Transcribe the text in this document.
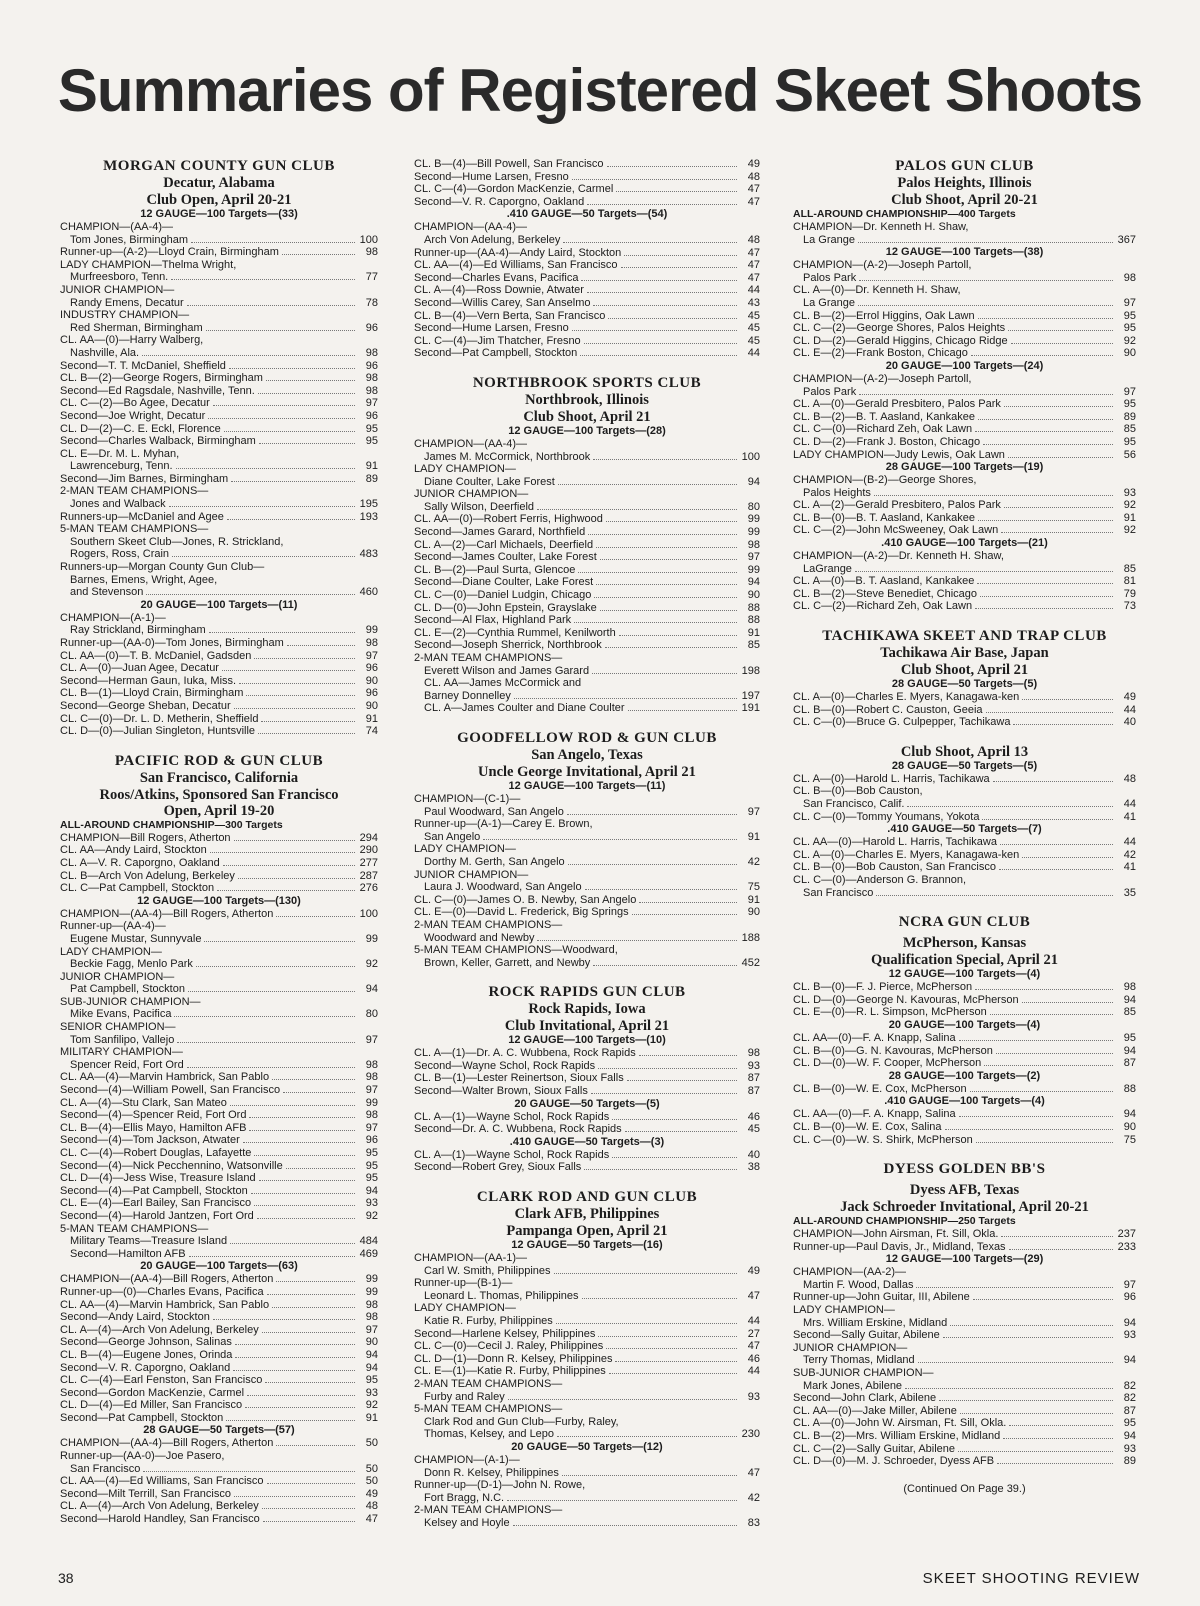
Summaries of Registered Skeet Shoots
MORGAN COUNTY GUN CLUB
Decatur, Alabama
Club Open, April 20-21
12 GAUGE—100 Targets—(33)
CHAMPION—(AA-4)—
Tom Jones, Birmingham	100
Runner-up—(A-2)—Lloyd Crain, Birmingham	98
LADY CHAMPION—Thelma Wright,
Murfreesboro, Tenn.	77
JUNIOR CHAMPION—
Randy Emens, Decatur	78
INDUSTRY CHAMPION—
Red Sherman, Birmingham	96
CL. AA—(0)—Harry Walberg,
Nashville, Ala.	98
Second—T. T. McDaniel, Sheffield	96
CL. B—(2)—George Rogers, Birmingham	98
Second—Ed Ragsdale, Nashville, Tenn.	98
CL. C—(2)—Bo Agee, Decatur	97
Second—Joe Wright, Decatur	96
CL. D—(2)—C. E. Eckl, Florence	95
Second—Charles Walback, Birmingham	95
CL. E—Dr. M. L. Myhan,
Lawrenceburg, Tenn.	91
Second—Jim Barnes, Birmingham	89
2-MAN TEAM CHAMPIONS—
Jones and Walback	195
Runners-up—McDaniel and Agee	193
5-MAN TEAM CHAMPIONS—
Southern Skeet Club—Jones, R. Strickland,
Rogers, Ross, Crain	483
Runners-up—Morgan County Gun Club—
Barnes, Emens, Wright, Agee,
and Stevenson	460
20 GAUGE—100 Targets—(11)
CHAMPION—(A-1)—
Ray Strickland, Birmingham	99
Runner-up—(AA-0)—Tom Jones, Birmingham	98
CL. AA—(0)—T. B. McDaniel, Gadsden	97
CL. A—(0)—Juan Agee, Decatur	96
Second—Herman Gaun, Iuka, Miss.	90
CL. B—(1)—Lloyd Crain, Birmingham	96
Second—George Sheban, Decatur	90
CL. C—(0)—Dr. L. D. Metherin, Sheffield	91
CL. D—(0)—Julian Singleton, Huntsville	74
PACIFIC ROD & GUN CLUB
San Francisco, California
Roos/Atkins, Sponsored San Francisco
Open, April 19-20
ALL-AROUND CHAMPIONSHIP—300 Targets
CHAMPION—Bill Rogers, Atherton	294
CL. AA—Andy Laird, Stockton	290
CL. A—V. R. Caporgno, Oakland	277
CL. B—Arch Von Adelung, Berkeley	287
CL. C—Pat Campbell, Stockton	276
12 GAUGE—100 Targets—(130)
CHAMPION—(AA-4)—Bill Rogers, Atherton	100
Runner-up—(AA-4)—
Eugene Mustar, Sunnyvale	99
LADY CHAMPION—
Beckie Fagg, Menlo Park	92
JUNIOR CHAMPION—
Pat Campbell, Stockton	94
SUB-JUNIOR CHAMPION—
Mike Evans, Pacifica	80
SENIOR CHAMPION—
Tom Sanfilipo, Vallejo	97
MILITARY CHAMPION—
Spencer Reid, Fort Ord	98
CL. AA—(4)—Marvin Hambrick, San Pablo	98
Second—(4)—William Powell, San Francisco	97
CL. A—(4)—Stu Clark, San Mateo	99
Second—(4)—Spencer Reid, Fort Ord	98
CL. B—(4)—Ellis Mayo, Hamilton AFB	97
Second—(4)—Tom Jackson, Atwater	96
CL. C—(4)—Robert Douglas, Lafayette	95
Second—(4)—Nick Pecchennino, Watsonville	95
CL. D—(4)—Jess Wise, Treasure Island	95
Second—(4)—Pat Campbell, Stockton	94
CL. E—(4)—Earl Bailey, San Francisco	93
Second—(4)—Harold Jantzen, Fort Ord	92
5-MAN TEAM CHAMPIONS—
Military Teams—Treasure Island	484
Second—Hamilton AFB	469
20 GAUGE—100 Targets—(63)
CHAMPION—(AA-4)—Bill Rogers, Atherton	99
Runner-up—(0)—Charles Evans, Pacifica	99
CL. AA—(4)—Marvin Hambrick, San Pablo	98
Second—Andy Laird, Stockton	98
CL. A—(4)—Arch Von Adelung, Berkeley	97
Second—George Johnson, Salinas	90
CL. B—(4)—Eugene Jones, Orinda	94
Second—V. R. Caporgno, Oakland	94
CL. C—(4)—Earl Fenston, San Francisco	95
Second—Gordon MacKenzie, Carmel	93
CL. D—(4)—Ed Miller, San Francisco	92
Second—Pat Campbell, Stockton	91
28 GAUGE—50 Targets—(57)
CHAMPION—(AA-4)—Bill Rogers, Atherton	50
Runner-up—(AA-0)—Joe Pasero,
San Francisco	50
CL. AA—(4)—Ed Williams, San Francisco	50
Second—Milt Terrill, San Francisco	49
CL. A—(4)—Arch Von Adelung, Berkeley	48
Second—Harold Handley, San Francisco	47
CL. B—(4)—Bill Powell, San Francisco	49
Second—Hume Larsen, Fresno	48
CL. C—(4)—Gordon MacKenzie, Carmel	47
Second—V. R. Caporgno, Oakland	47
.410 GAUGE—50 Targets—(54)
CHAMPION—(AA-4)—
Arch Von Adelung, Berkeley	48
Runner-up—(AA-4)—Andy Laird, Stockton	47
CL. AA—(4)—Ed Williams, San Francisco	47
Second—Charles Evans, Pacifica	47
CL. A—(4)—Ross Downie, Atwater	44
Second—Willis Carey, San Anselmo	43
CL. B—(4)—Vern Berta, San Francisco	45
Second—Hume Larsen, Fresno	45
CL. C—(4)—Jim Thatcher, Fresno	45
Second—Pat Campbell, Stockton	44
NORTHBROOK SPORTS CLUB
Northbrook, Illinois
Club Shoot, April 21
12 GAUGE—100 Targets—(28)
CHAMPION—(AA-4)—
James M. McCormick, Northbrook	100
LADY CHAMPION—
Diane Coulter, Lake Forest	94
JUNIOR CHAMPION—
Sally Wilson, Deerfield	80
CL. AA—(0)—Robert Ferris, Highwood	99
Second—James Garard, Northfield	99
CL. A—(2)—Carl Michaels, Deerfield	98
Second—James Coulter, Lake Forest	97
CL. B—(2)—Paul Surta, Glencoe	99
Second—Diane Coulter, Lake Forest	94
CL. C—(0)—Daniel Ludgin, Chicago	90
CL. D—(0)—John Epstein, Grayslake	88
Second—Al Flax, Highland Park	88
CL. E—(2)—Cynthia Rummel, Kenilworth	91
Second—Joseph Sherrick, Northbrook	85
2-MAN TEAM CHAMPIONS—
Everett Wilson and James Garard	198
CL. AA—James McCormick and
Barney Donnelley	197
CL. A—James Coulter and Diane Coulter	191
GOODFELLOW ROD & GUN CLUB
San Angelo, Texas
Uncle George Invitational, April 21
12 GAUGE—100 Targets—(11)
CHAMPION—(C-1)—
Paul Woodward, San Angelo	97
Runner-up—(A-1)—Carey E. Brown,
San Angelo	91
LADY CHAMPION—
Dorthy M. Gerth, San Angelo	42
JUNIOR CHAMPION—
Laura J. Woodward, San Angelo	75
CL. C—(0)—James O. B. Newby, San Angelo	91
CL. E—(0)—David L. Frederick, Big Springs	90
2-MAN TEAM CHAMPIONS—
Woodward and Newby	188
5-MAN TEAM CHAMPIONS—Woodward,
Brown, Keller, Garrett, and Newby	452
ROCK RAPIDS GUN CLUB
Rock Rapids, Iowa
Club Invitational, April 21
12 GAUGE—100 Targets—(10)
CL. A—(1)—Dr. A. C. Wubbena, Rock Rapids	98
Second—Wayne Schol, Rock Rapids	93
CL. B—(1)—Lester Reinertson, Sioux Falls	87
Second—Walter Brown, Sioux Falls	87
20 GAUGE—50 Targets—(5)
CL. A—(1)—Wayne Schol, Rock Rapids	46
Second—Dr. A. C. Wubbena, Rock Rapids	45
.410 GAUGE—50 Targets—(3)
CL. A—(1)—Wayne Schol, Rock Rapids	40
Second—Robert Grey, Sioux Falls	38
CLARK ROD AND GUN CLUB
Clark AFB, Philippines
Pampanga Open, April 21
12 GAUGE—50 Targets—(16)
CHAMPION—(AA-1)—
Carl W. Smith, Philippines	49
Runner-up—(B-1)—
Leonard L. Thomas, Philippines	47
LADY CHAMPION—
Katie R. Furby, Philippines	44
Second—Harlene Kelsey, Philippines	27
CL. C—(0)—Cecil J. Raley, Philippines	47
CL. D—(1)—Donn R. Kelsey, Philippines	46
CL. E—(1)—Katie R. Furby, Philippines	44
2-MAN TEAM CHAMPIONS—
Furby and Raley	93
5-MAN TEAM CHAMPIONS—
Clark Rod and Gun Club—Furby, Raley,
Thomas, Kelsey, and Lepo	230
20 GAUGE—50 Targets—(12)
CHAMPION—(A-1)—
Donn R. Kelsey, Philippines	47
Runner-up—(D-1)—John N. Rowe,
Fort Bragg, N.C.	42
2-MAN TEAM CHAMPIONS—
Kelsey and Hoyle	83
PALOS GUN CLUB
Palos Heights, Illinois
Club Shoot, April 20-21
ALL-AROUND CHAMPIONSHIP—400 Targets
CHAMPION—Dr. Kenneth H. Shaw,
La Grange	367
12 GAUGE—100 Targets—(38)
CHAMPION—(A-2)—Joseph Partoll,
Palos Park	98
CL. A—(0)—Dr. Kenneth H. Shaw,
La Grange	97
CL. B—(2)—Errol Higgins, Oak Lawn	95
CL. C—(2)—George Shores, Palos Heights	95
CL. D—(2)—Gerald Higgins, Chicago Ridge	92
CL. E—(2)—Frank Boston, Chicago	90
20 GAUGE—100 Targets—(24)
CHAMPION—(A-2)—Joseph Partoll,
Palos Park	97
CL. A—(0)—Gerald Presbitero, Palos Park	95
CL. B—(2)—B. T. Aasland, Kankakee	89
CL. C—(0)—Richard Zeh, Oak Lawn	85
CL. D—(2)—Frank J. Boston, Chicago	95
LADY CHAMPION—Judy Lewis, Oak Lawn	56
28 GAUGE—100 Targets—(19)
CHAMPION—(B-2)—George Shores,
Palos Heights	93
CL. A—(2)—Gerald Presbitero, Palos Park	92
CL. B—(0)—B. T. Aasland, Kankakee	91
CL. C—(2)—John McSweeney, Oak Lawn	92
.410 GAUGE—100 Targets—(21)
CHAMPION—(A-2)—Dr. Kenneth H. Shaw,
LaGrange	85
CL. A—(0)—B. T. Aasland, Kankakee	81
CL. B—(2)—Steve Benediet, Chicago	79
CL. C—(2)—Richard Zeh, Oak Lawn	73
TACHIKAWA SKEET AND TRAP CLUB
Tachikawa Air Base, Japan
Club Shoot, April 21
28 GAUGE—50 Targets—(5)
CL. A—(0)—Charles E. Myers, Kanagawa-ken	49
CL. B—(0)—Robert C. Causton, Geeia	44
CL. C—(0)—Bruce G. Culpepper, Tachikawa	40
Club Shoot, April 13
28 GAUGE—50 Targets—(5)
CL. A—(0)—Harold L. Harris, Tachikawa	48
CL. B—(0)—Bob Causton,
San Francisco, Calif.	44
CL. C—(0)—Tommy Youmans, Yokota	41
.410 GAUGE—50 Targets—(7)
CL. AA—(0)—Harold L. Harris, Tachikawa	44
CL. A—(0)—Charles E. Myers, Kanagawa-ken	42
CL. B—(0)—Bob Causton, San Francisco	41
CL. C—(0)—Anderson G. Brannon,
San Francisco	35
NCRA GUN CLUB
McPherson, Kansas
Qualification Special, April 21
12 GAUGE—100 Targets—(4)
CL. B—(0)—F. J. Pierce, McPherson	98
CL. D—(0)—George N. Kavouras, McPherson	94
CL. E—(0)—R. L. Simpson, McPherson	85
20 GAUGE—100 Targets—(4)
CL. AA—(0)—F. A. Knapp, Salina	95
CL. B—(0)—G. N. Kavouras, McPherson	94
CL. D—(0)—W. F. Cooper, McPherson	87
28 GAUGE—100 Targets—(2)
CL. B—(0)—W. E. Cox, McPherson	88
.410 GAUGE—100 Targets—(4)
CL. AA—(0)—F. A. Knapp, Salina	94
CL. B—(0)—W. E. Cox, Salina	90
CL. C—(0)—W. S. Shirk, McPherson	75
DYESS GOLDEN BB'S
Dyess AFB, Texas
Jack Schroeder Invitational, April 20-21
ALL-AROUND CHAMPIONSHIP—250 Targets
CHAMPION—John Airsman, Ft. Sill, Okla.	237
Runner-up—Paul Davis, Jr., Midland, Texas	233
12 GAUGE—100 Targets—(29)
CHAMPION—(AA-2)—
Martin F. Wood, Dallas	97
Runner-up—John Guitar, III, Abilene	96
LADY CHAMPION—
Mrs. William Erskine, Midland	94
Second—Sally Guitar, Abilene	93
JUNIOR CHAMPION—
Terry Thomas, Midland	94
SUB-JUNIOR CHAMPION—
Mark Jones, Abilene	82
Second—John Clark, Abilene	82
CL. AA—(0)—Jake Miller, Abilene	87
CL. A—(0)—John W. Airsman, Ft. Sill, Okla.	95
CL. B—(2)—Mrs. William Erskine, Midland	94
CL. C—(2)—Sally Guitar, Abilene	93
CL. D—(0)—M. J. Schroeder, Dyess AFB	89
(Continued On Page 39.)
38	SKEET SHOOTING REVIEW
